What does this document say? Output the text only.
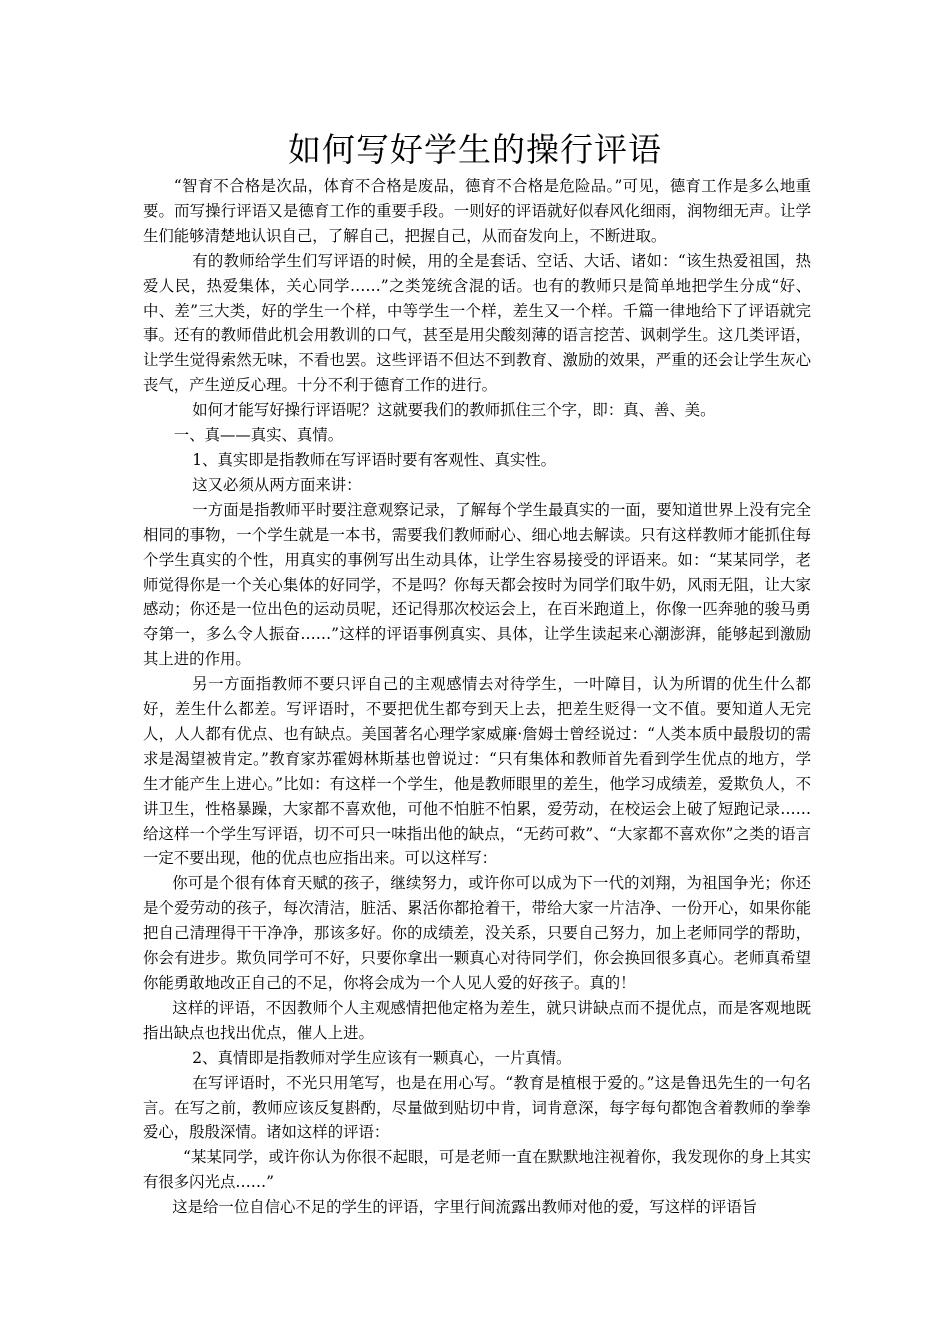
如何写好学生的操行评语

“智育不合格是次品，体育不合格是废品，德育不合格是危险品。”可见，德育工作是多么地重要。而写操行评语又是德育工作的重要手段。一则好的评语就好似春风化细雨，润物细无声。让学生们能够清楚地认识自己，了解自己，把握自己，从而奋发向上，不断进取。

有的教师给学生们写评语的时候，用的全是套话、空话、大话、诸如：“该生热爱祖国，热爱人民，热爱集体，关心同学……”之类笼统含混的话。也有的教师只是简单地把学生分成“好、中、差”三大类，好的学生一个样，中等学生一个样，差生又一个样。千篇一律地给下了评语就完事。还有的教师借此机会用教训的口气，甚至是用尖酸刻薄的语言挖苦、讽刺学生。这几类评语，让学生觉得索然无味，不看也罢。这些评语不但达不到教育、激励的效果，严重的还会让学生灰心丧气，产生逆反心理。十分不利于德育工作的进行。

如何才能写好操行评语呢？这就要我们的教师抓住三个字，即：真、善、美。

一、真——真实、真情。

1、真实即是指教师在写评语时要有客观性、真实性。

这又必须从两方面来讲：

一方面是指教师平时要注意观察记录，了解每个学生最真实的一面，要知道世界上没有完全相同的事物，一个学生就是一本书，需要我们教师耐心、细心地去解读。只有这样教师才能抓住每个学生真实的个性，用真实的事例写出生动具体，让学生容易接受的评语来。如：“某某同学，老师觉得你是一个关心集体的好同学，不是吗？你每天都会按时为同学们取牛奶，风雨无阻，让大家感动；你还是一位出色的运动员呢，还记得那次校运会上，在百米跑道上，你像一匹奔驰的骏马勇夺第一，多么令人振奋……”这样的评语事例真实、具体，让学生读起来心潮澎湃，能够起到激励其上进的作用。

另一方面指教师不要只评自己的主观感情去对待学生，一叶障目，认为所谓的优生什么都好，差生什么都差。写评语时，不要把优生都夸到天上去，把差生贬得一文不值。要知道人无完人，人人都有优点、也有缺点。美国著名心理学家威廉·詹姆士曾经说过：“人类本质中最殷切的需求是渴望被肯定。”教育家苏霍姆林斯基也曾说过：“只有集体和教师首先看到学生优点的地方，学生才能产生上进心。”比如：有这样一个学生，他是教师眼里的差生，他学习成绩差，爱欺负人，不讲卫生，性格暴躁，大家都不喜欢他，可他不怕脏不怕累，爱劳动，在校运会上破了短跑记录……给这样一个学生写评语，切不可只一味指出他的缺点，“无药可救”、“大家都不喜欢你”之类的语言一定不要出现，他的优点也应指出来。可以这样写：

你可是个很有体育天赋的孩子，继续努力，或许你可以成为下一代的刘翔，为祖国争光；你还是个爱劳动的孩子，每次清洁，脏活、累活你都抢着干，带给大家一片洁净、一份开心，如果你能把自己清理得干干净净，那该多好。你的成绩差，没关系，只要自己努力，加上老师同学的帮助，你会有进步。欺负同学可不好，只要你拿出一颗真心对待同学们，你会换回很多真心。老师真希望你能勇敢地改正自己的不足，你将会成为一个人见人爱的好孩子。真的！

这样的评语，不因教师个人主观感情把他定格为差生，就只讲缺点而不提优点，而是客观地既指出缺点也找出优点，催人上进。

2、真情即是指教师对学生应该有一颗真心，一片真情。

在写评语时，不光只用笔写，也是在用心写。“教育是植根于爱的。”这是鲁迅先生的一句名言。在写之前，教师应该反复斟酌，尽量做到贴切中肯，词肯意深，每字每句都饱含着教师的拳拳爱心，殷殷深情。诸如这样的评语：

“某某同学，或许你认为你很不起眼，可是老师一直在默默地注视着你，我发现你的身上其实有很多闪光点……”

这是给一位自信心不足的学生的评语，字里行间流露出教师对他的爱，写这样的评语旨
